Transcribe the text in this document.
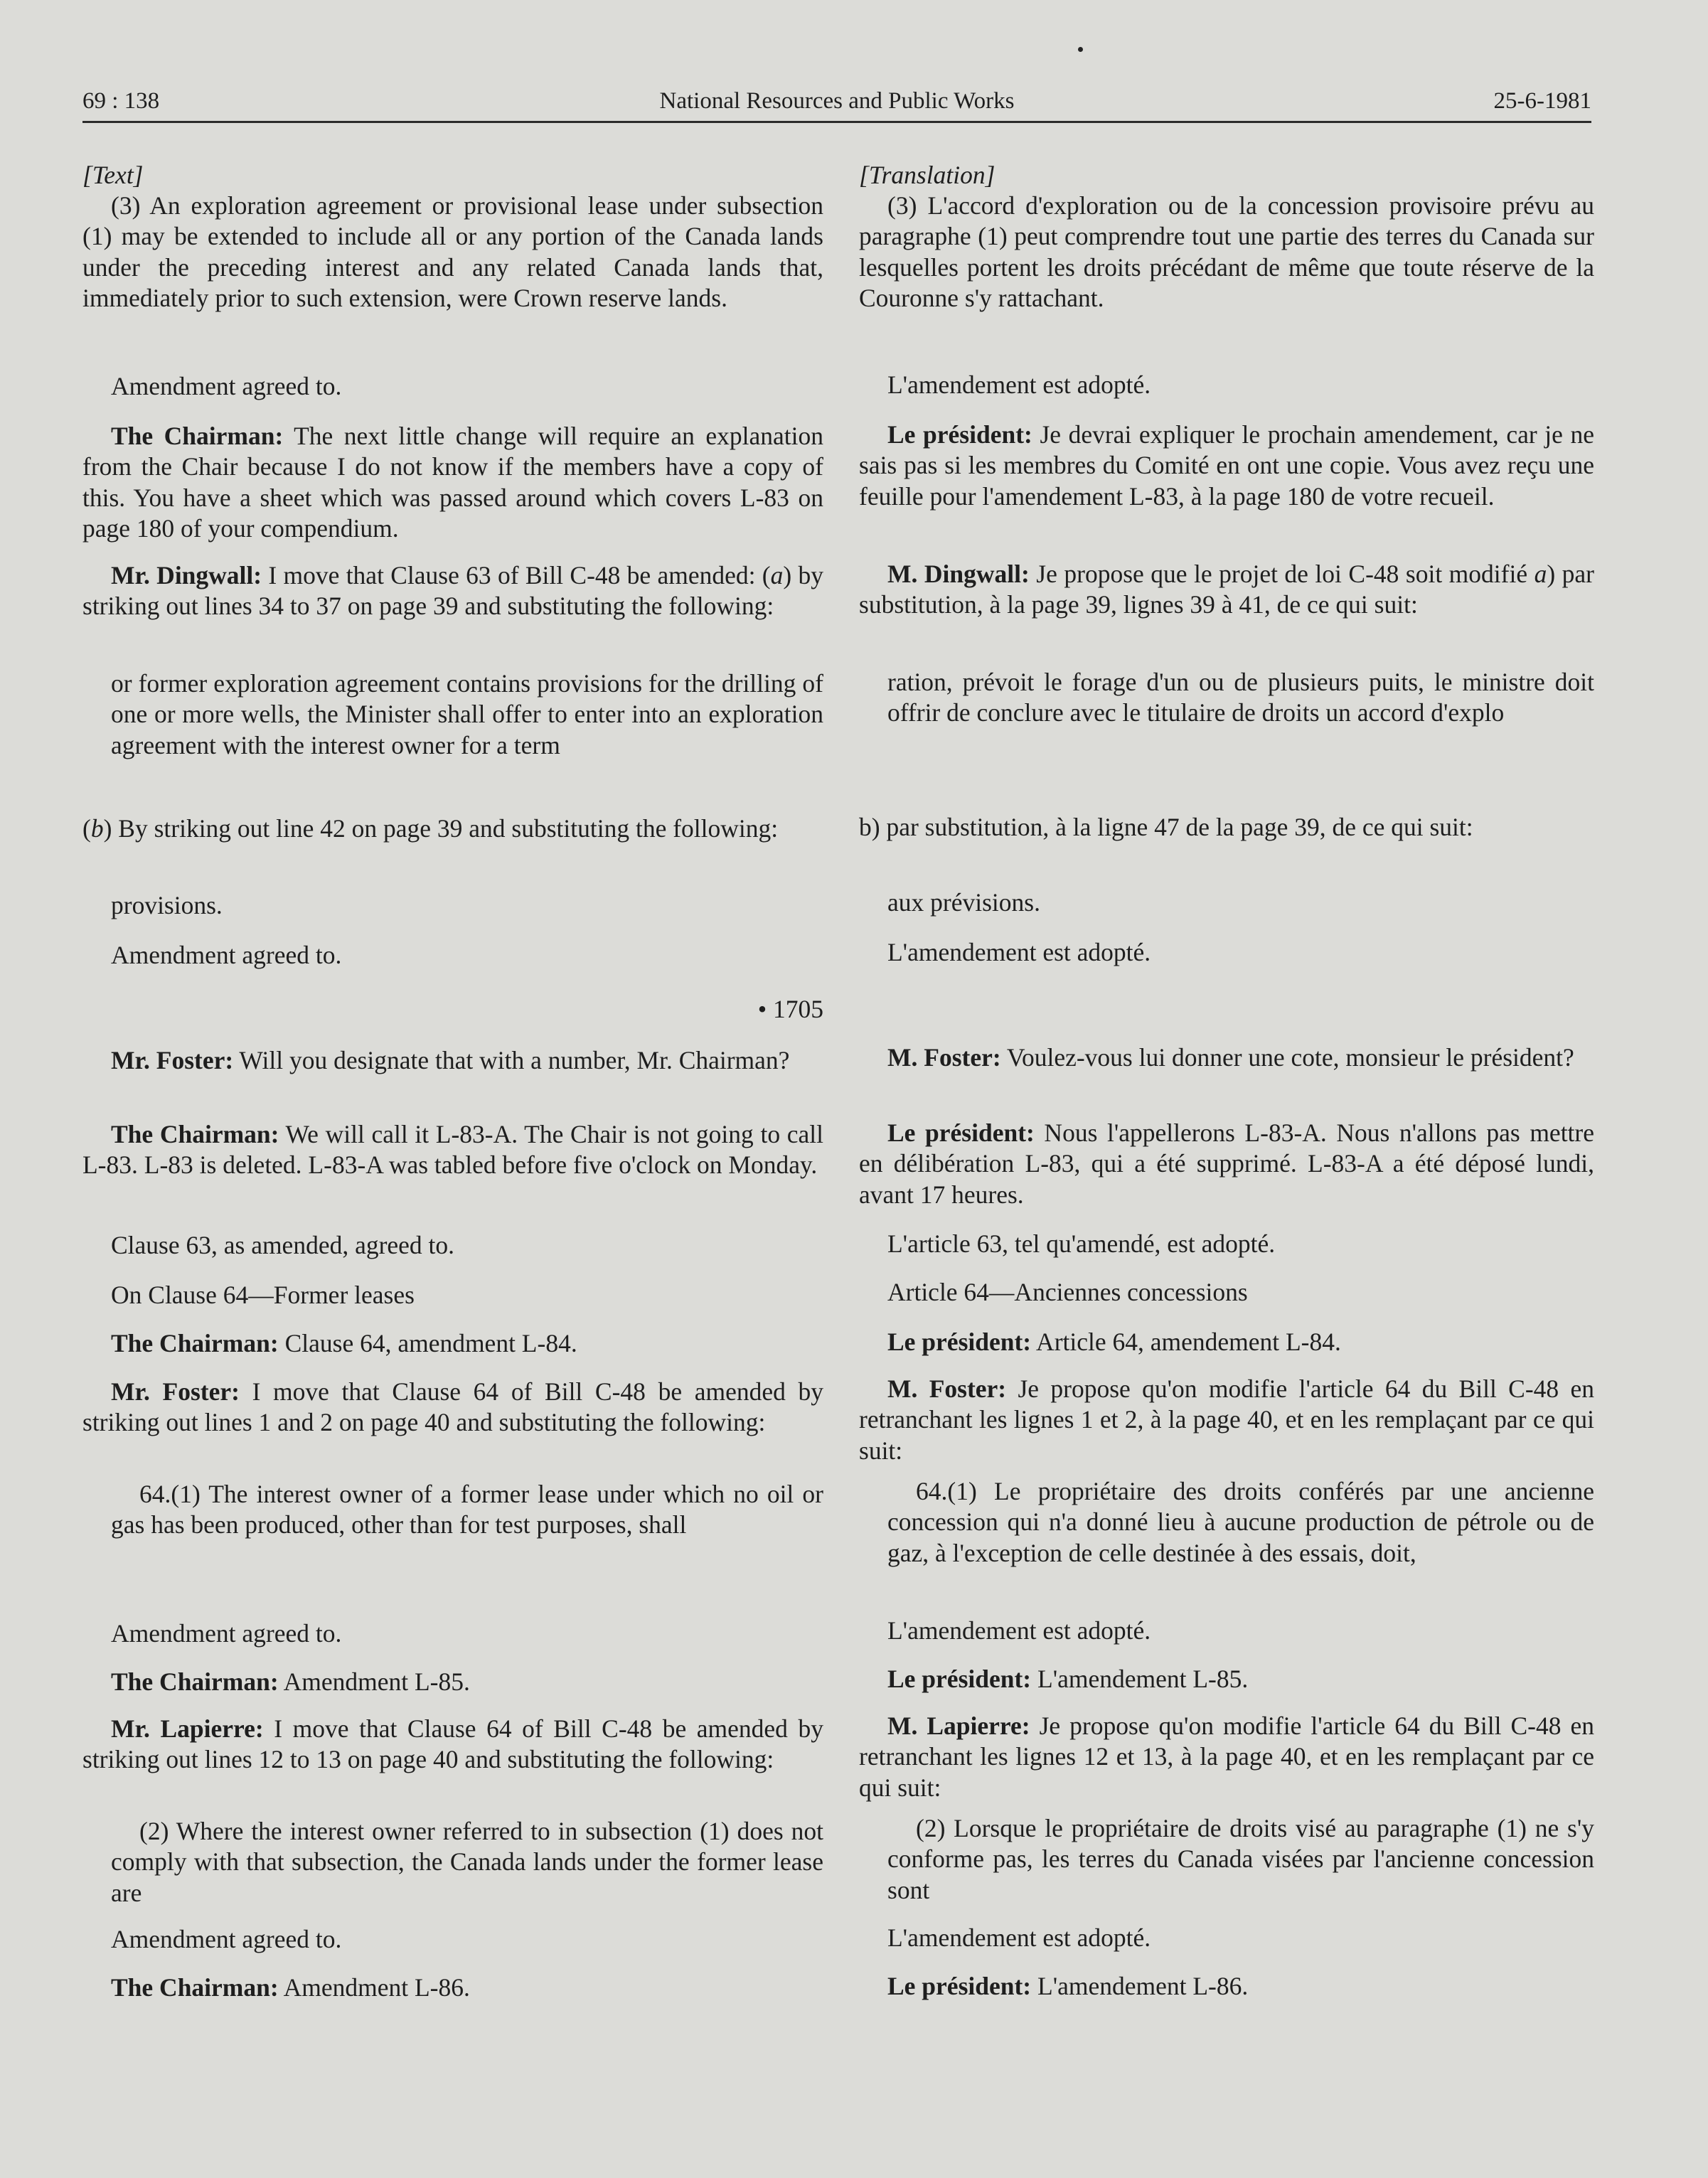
69 : 138	National Resources and Public Works	25-6-1981
[Text]

(3) An exploration agreement or provisional lease under subsection (1) may be extended to include all or any portion of the Canada lands under the preceding interest and any related Canada lands that, immediately prior to such extension, were Crown reserve lands.

Amendment agreed to.

The Chairman: The next little change will require an explanation from the Chair because I do not know if the members have a copy of this. You have a sheet which was passed around which covers L-83 on page 180 of your compendium.

Mr. Dingwall: I move that Clause 63 of Bill C-48 be amended: (a) by striking out lines 34 to 37 on page 39 and substituting the following:

or former exploration agreement contains provisions for the drilling of one or more wells, the Minister shall offer to enter into an exploration agreement with the interest owner for a term

(b) By striking out line 42 on page 39 and substituting the following:

provisions.

Amendment agreed to.

• 1705

Mr. Foster: Will you designate that with a number, Mr. Chairman?

The Chairman: We will call it L-83-A. The Chair is not going to call L-83. L-83 is deleted. L-83-A was tabled before five o'clock on Monday.

Clause 63, as amended, agreed to.

On Clause 64—Former leases

The Chairman: Clause 64, amendment L-84.

Mr. Foster: I move that Clause 64 of Bill C-48 be amended by striking out lines 1 and 2 on page 40 and substituting the following:

64.(1) The interest owner of a former lease under which no oil or gas has been produced, other than for test purposes, shall

Amendment agreed to.

The Chairman: Amendment L-85.

Mr. Lapierre: I move that Clause 64 of Bill C-48 be amended by striking out lines 12 to 13 on page 40 and substituting the following:

(2) Where the interest owner referred to in subsection (1) does not comply with that subsection, the Canada lands under the former lease are

Amendment agreed to.

The Chairman: Amendment L-86.

[Translation]

(3) L'accord d'exploration ou de la concession provisoire prévu au paragraphe (1) peut comprendre tout une partie des terres du Canada sur lesquelles portent les droits précédant de même que toute réserve de la Couronne s'y rattachant.

L'amendement est adopté.

Le président: Je devrai expliquer le prochain amendement, car je ne sais pas si les membres du Comité en ont une copie. Vous avez reçu une feuille pour l'amendement L-83, à la page 180 de votre recueil.

M. Dingwall: Je propose que le projet de loi C-48 soit modifié a) par substitution, à la page 39, lignes 39 à 41, de ce qui suit:

ration, prévoit le forage d'un ou de plusieurs puits, le ministre doit offrir de conclure avec le titulaire de droits un accord d'explo

b) par substitution, à la ligne 47 de la page 39, de ce qui suit:

aux prévisions.

L'amendement est adopté.

M. Foster: Voulez-vous lui donner une cote, monsieur le président?

Le président: Nous l'appellerons L-83-A. Nous n'allons pas mettre en délibération L-83, qui a été supprimé. L-83-A a été déposé lundi, avant 17 heures.

L'article 63, tel qu'amendé, est adopté.

Article 64—Anciennes concessions

Le président: Article 64, amendement L-84.

M. Foster: Je propose qu'on modifie l'article 64 du Bill C-48 en retranchant les lignes 1 et 2, à la page 40, et en les remplaçant par ce qui suit:

64.(1) Le propriétaire des droits conférés par une ancienne concession qui n'a donné lieu à aucune production de pétrole ou de gaz, à l'exception de celle destinée à des essais, doit,

L'amendement est adopté.

Le président: L'amendement L-85.

M. Lapierre: Je propose qu'on modifie l'article 64 du Bill C-48 en retranchant les lignes 12 et 13, à la page 40, et en les remplaçant par ce qui suit:

(2) Lorsque le propriétaire de droits visé au paragraphe (1) ne s'y conforme pas, les terres du Canada visées par l'ancienne concession sont

L'amendement est adopté.

Le président: L'amendement L-86.
